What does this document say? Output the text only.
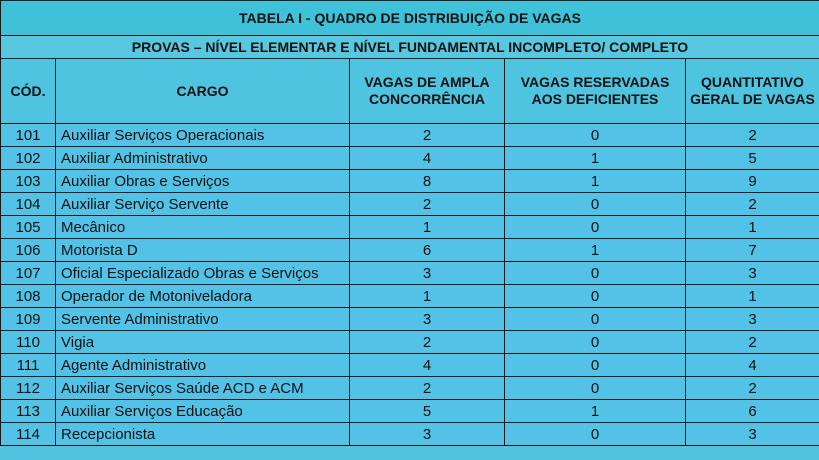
TABELA I - QUADRO DE DISTRIBUIÇÃO DE VAGAS				
PROVAS – NÍVEL ELEMENTAR E NÍVEL FUNDAMENTAL INCOMPLETO/ COMPLETO				
CÓD.	CARGO	VAGAS DE AMPLA CONCORRÊNCIA	VAGAS RESERVADAS AOS DEFICIENTES	QUANTITATIVO GERAL DE VAGAS
101	Auxiliar Serviços Operacionais	2	0	2
102	Auxiliar Administrativo	4	1	5
103	Auxiliar Obras e Serviços	8	1	9
104	Auxiliar Serviço Servente	2	0	2
105	Mecânico	1	0	1
106	Motorista D	6	1	7
107	Oficial Especializado Obras e Serviços	3	0	3
108	Operador de Motoniveladora	1	0	1
109	Servente Administrativo	3	0	3
110	Vigia	2	0	2
111	Agente Administrativo	4	0	4
112	Auxiliar Serviços Saúde ACD e ACM	2	0	2
113	Auxiliar Serviços Educação	5	1	6
114	Recepcionista	3	0	3
